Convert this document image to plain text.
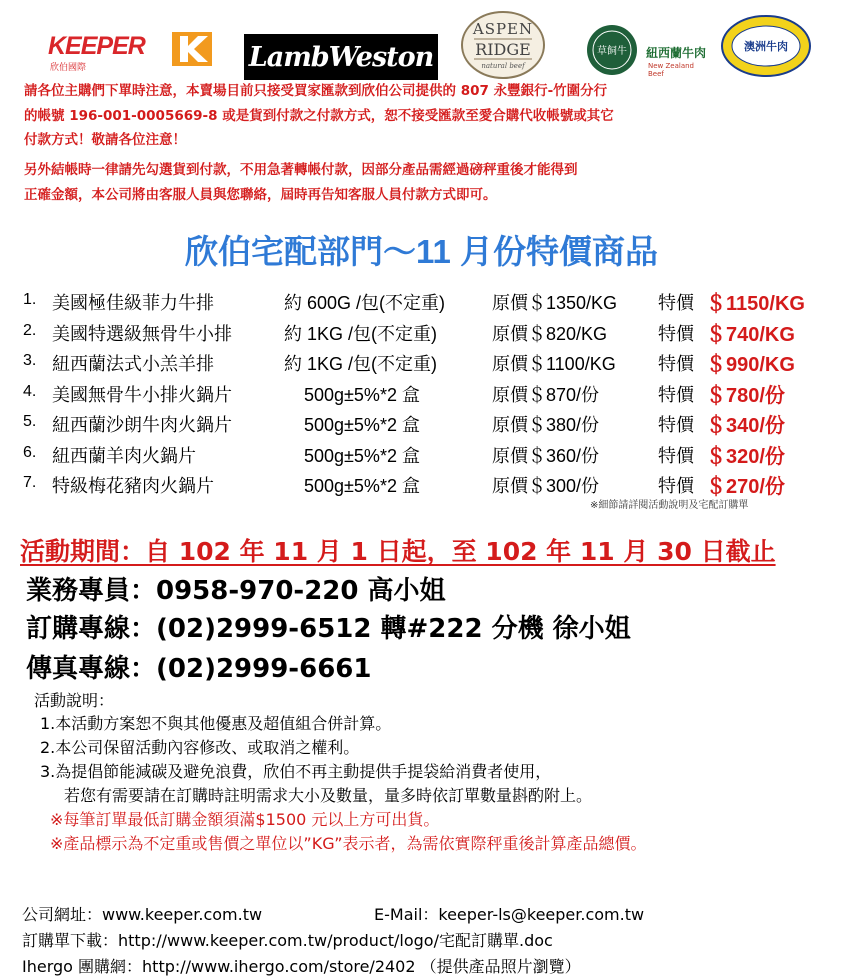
KEEPER
欣伯國際	LambWeston
ASPEN
RIDGE
natural beef
草飼牛 紐西蘭牛肉
New Zealand Beef
澳洲牛肉
請各位主購們下單時注意，本賣場目前只接受買家匯款到欣伯公司提供的 807 永豐銀行-竹圍分行
的帳號 196-001-0005669-8 或是貨到付款之付款方式，恕不接受匯款至愛合購代收帳號或其它
付款方式！敬請各位注意！
另外結帳時一律請先勾選貨到付款，不用急著轉帳付款，因部分產品需經過磅秤重後才能得到
正確金額，本公司將由客服人員與您聯絡，屆時再告知客服人員付款方式即可。
欣伯宅配部門～11 月份特價商品
1. 美國極佳級菲力牛排	約 600G /包(不定重)	原價＄1350/KG 特價 ＄1150/KG
2. 美國特選級無骨牛小排	約 1KG /包(不定重)	原價＄820/KG	特價 ＄740/KG
3. 紐西蘭法式小羔羊排	約 1KG /包(不定重)	原價＄1100/KG 特價 ＄990/KG
4. 美國無骨牛小排火鍋片	500g±5%*2 盒	原價＄870/份	特價 ＄780/份
5. 紐西蘭沙朗牛肉火鍋片	500g±5%*2 盒	原價＄380/份	特價 ＄340/份
6. 紐西蘭羊肉火鍋片	500g±5%*2 盒	原價＄360/份	特價 ＄320/份
7. 特級梅花豬肉火鍋片	500g±5%*2 盒	原價＄300/份	特價 ＄270/份
※細節請詳閱活動說明及宅配訂購單
活動期間：自 102 年 11 月 1 日起，至 102 年 11 月 30 日截止
業務專員：0958-970-220 高小姐
訂購專線：(02)2999-6512 轉#222 分機 徐小姐
傳真專線：(02)2999-6661
活動說明：
1.本活動方案恕不與其他優惠及超值組合併計算。
2.本公司保留活動內容修改、或取消之權利。
3.為提倡節能減碳及避免浪費，欣伯不再主動提供手提袋給消費者使用，
若您有需要請在訂購時註明需求大小及數量，量多時依訂單數量斟酌附上。
※每筆訂單最低訂購金額須滿$1500 元以上方可出貨。
※產品標示為不定重或售價之單位以”KG”表示者，為需依實際秤重後計算產品總價。
公司網址：www.keeper.com.tw	E-Mail：keeper-ls@keeper.com.tw
訂購單下載：http://www.keeper.com.tw/product/logo/宅配訂購單.doc
Ihergo 團購網：http://www.ihergo.com/store/2402 （提供產品照片瀏覽）
